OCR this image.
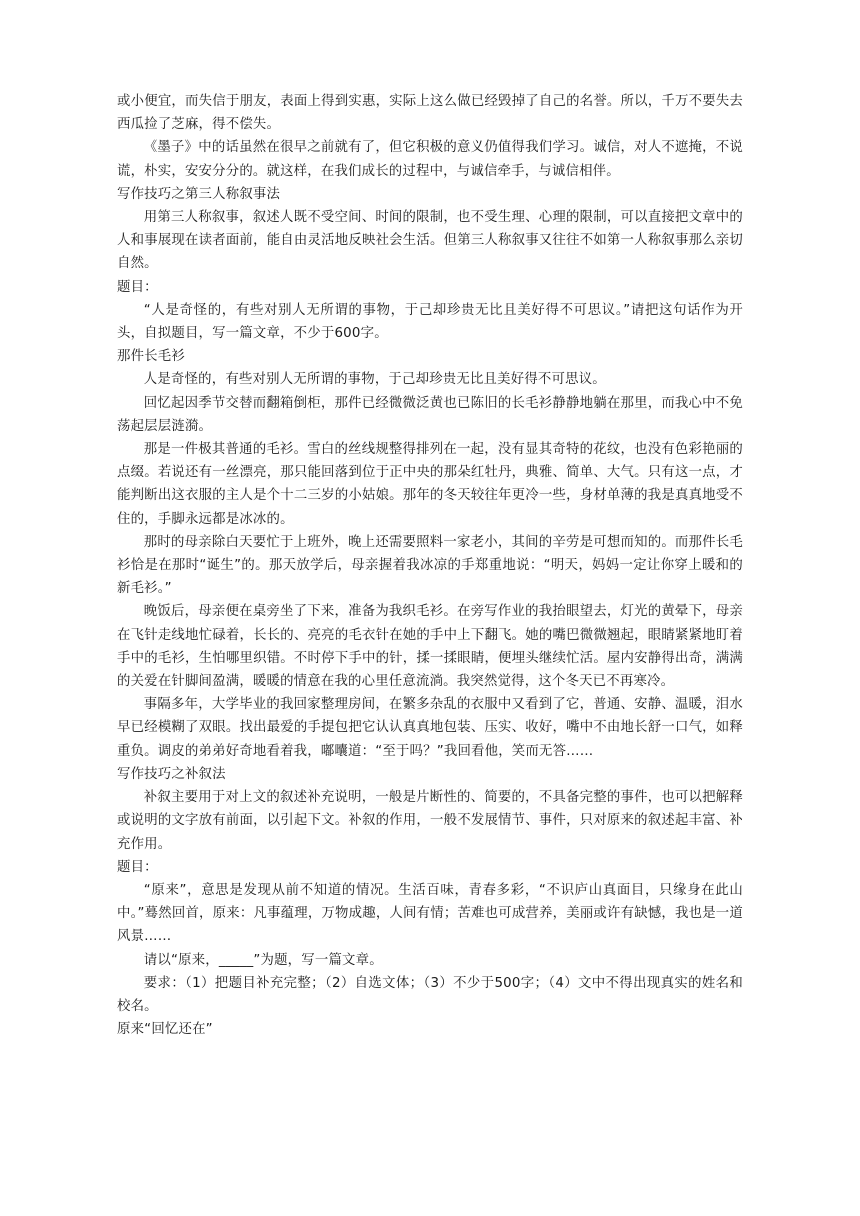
或小便宜，而失信于朋友，表面上得到实惠，实际上这么做已经毁掉了自己的名誉。所以，千万不要失去西瓜捡了芝麻，得不偿失。

《墨子》中的话虽然在很早之前就有了，但它积极的意义仍值得我们学习。诚信，对人不遮掩，不说谎，朴实，安安分分的。就这样，在我们成长的过程中，与诚信牵手，与诚信相伴。

写作技巧之第三人称叙事法

用第三人称叙事，叙述人既不受空间、时间的限制，也不受生理、心理的限制，可以直接把文章中的人和事展现在读者面前，能自由灵活地反映社会生活。但第三人称叙事又往往不如第一人称叙事那么亲切自然。

题目：

“人是奇怪的，有些对别人无所谓的事物，于己却珍贵无比且美好得不可思议。”请把这句话作为开头，自拟题目，写一篇文章，不少于600字。

那件长毛衫

人是奇怪的，有些对别人无所谓的事物，于己却珍贵无比且美好得不可思议。

回忆起因季节交替而翻箱倒柜，那件已经微微泛黄也已陈旧的长毛衫静静地躺在那里，而我心中不免荡起层层涟漪。

那是一件极其普通的毛衫。雪白的丝线规整得排列在一起，没有显其奇特的花纹，也没有色彩艳丽的点缀。若说还有一丝漂亮，那只能回落到位于正中央的那朵红牡丹，典雅、简单、大气。只有这一点，才能判断出这衣服的主人是个十二三岁的小姑娘。那年的冬天较往年更冷一些，身材单薄的我是真真地受不住的，手脚永远都是冰冰的。

那时的母亲除白天要忙于上班外，晚上还需要照料一家老小，其间的辛劳是可想而知的。而那件长毛衫恰是在那时“诞生”的。那天放学后，母亲握着我冰凉的手郑重地说：“明天，妈妈一定让你穿上暖和的新毛衫。”

晚饭后，母亲便在桌旁坐了下来，准备为我织毛衫。在旁写作业的我抬眼望去，灯光的黄晕下，母亲在飞针走线地忙碌着，长长的、亮亮的毛衣针在她的手中上下翻飞。她的嘴巴微微翘起，眼睛紧紧地盯着手中的毛衫，生怕哪里织错。不时停下手中的针，揉一揉眼睛，便埋头继续忙活。屋内安静得出奇，满满的关爱在针脚间盈满，暖暖的情意在我的心里任意流淌。我突然觉得，这个冬天已不再寒冷。

事隔多年，大学毕业的我回家整理房间，在繁多杂乱的衣服中又看到了它，普通、安静、温暖，泪水早已经模糊了双眼。找出最爱的手提包把它认认真真地包装、压实、收好，嘴中不由地长舒一口气，如释重负。调皮的弟弟好奇地看着我，嘟囔道：“至于吗？”我回看他，笑而无答……

写作技巧之补叙法

补叙主要用于对上文的叙述补充说明，一般是片断性的、简要的，不具备完整的事件，也可以把解释或说明的文字放有前面，以引起下文。补叙的作用，一般不发展情节、事件，只对原来的叙述起丰富、补充作用。

题目：

“原来”，意思是发现从前不知道的情况。生活百味，青春多彩，“不识庐山真面目，只缘身在此山中。”蓦然回首，原来：凡事蕴理，万物成趣，人间有情；苦难也可成营养，美丽或许有缺憾，我也是一道风景……

请以“原来，_____”为题，写一篇文章。

要求：（1）把题目补充完整；（2）自选文体；（3）不少于500字；（4）文中不得出现真实的姓名和校名。

原来“回忆还在”
